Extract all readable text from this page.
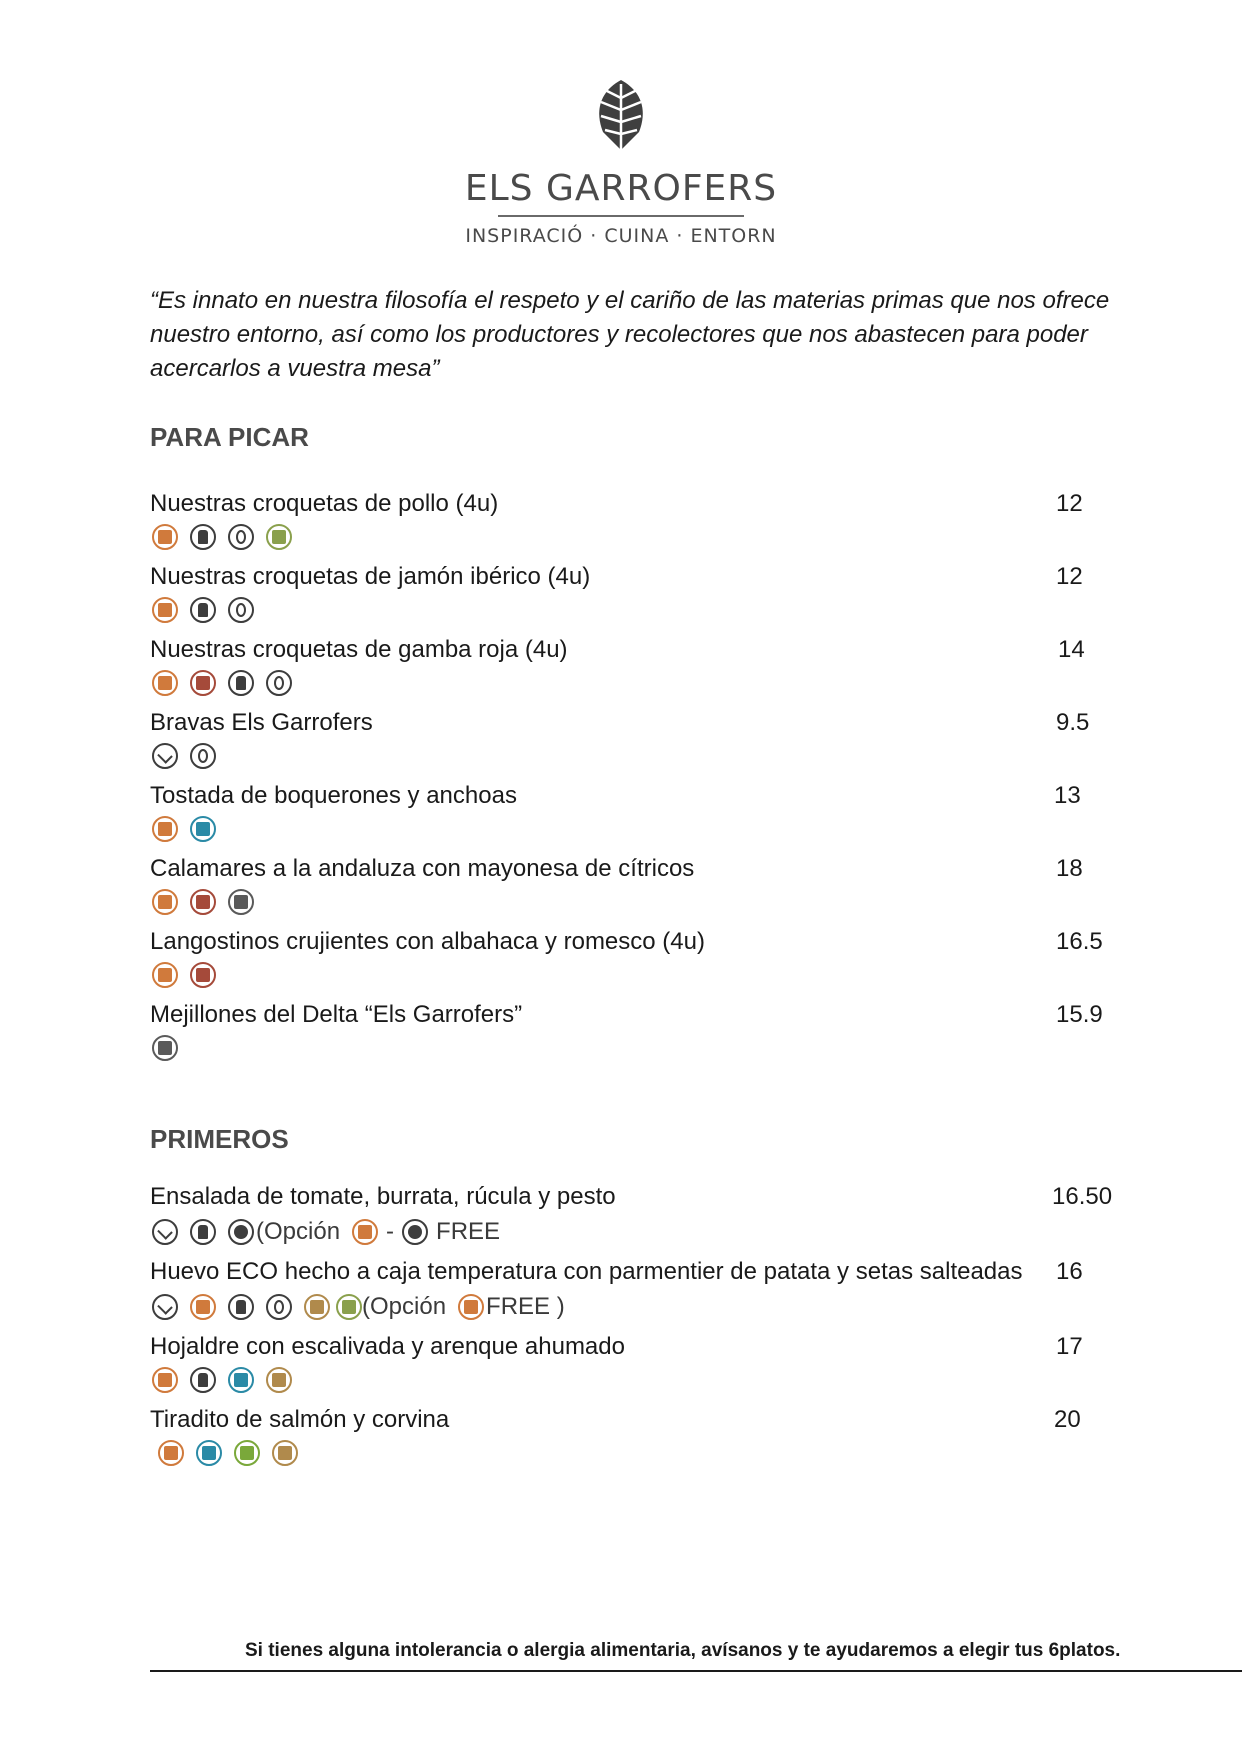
ELS GARROFERS
INSPIRACIÓ · CUINA · ENTORN
“Es innato en nuestra filosofía el respeto y el cariño de las materias primas que nos ofrece nuestro entorno, así como los productores y recolectores que nos abastecen para poder acercarlos a vuestra mesa”
PARA PICAR
Nuestras croquetas de pollo (4u)	12
Nuestras croquetas de jamón ibérico (4u)	12
Nuestras croquetas de gamba roja (4u)	14
Bravas Els Garrofers	9.5
Tostada de boquerones y anchoas	13
Calamares a la andaluza con mayonesa de cítricos	18
Langostinos crujientes con albahaca y romesco (4u)	16.5
Mejillones del Delta “Els Garrofers”	15.9
PRIMEROS
Ensalada de tomate, burrata, rúcula y pesto	16.50
(Opción - FREE
Huevo ECO hecho a caja temperatura con parmentier de patata y setas salteadas 16
(Opción FREE )
Hojaldre con escalivada y arenque ahumado	17
Tiradito de salmón y corvina	20
Si tienes alguna intolerancia o alergia alimentaria, avísanos y te ayudaremos a elegir tus 6platos.
